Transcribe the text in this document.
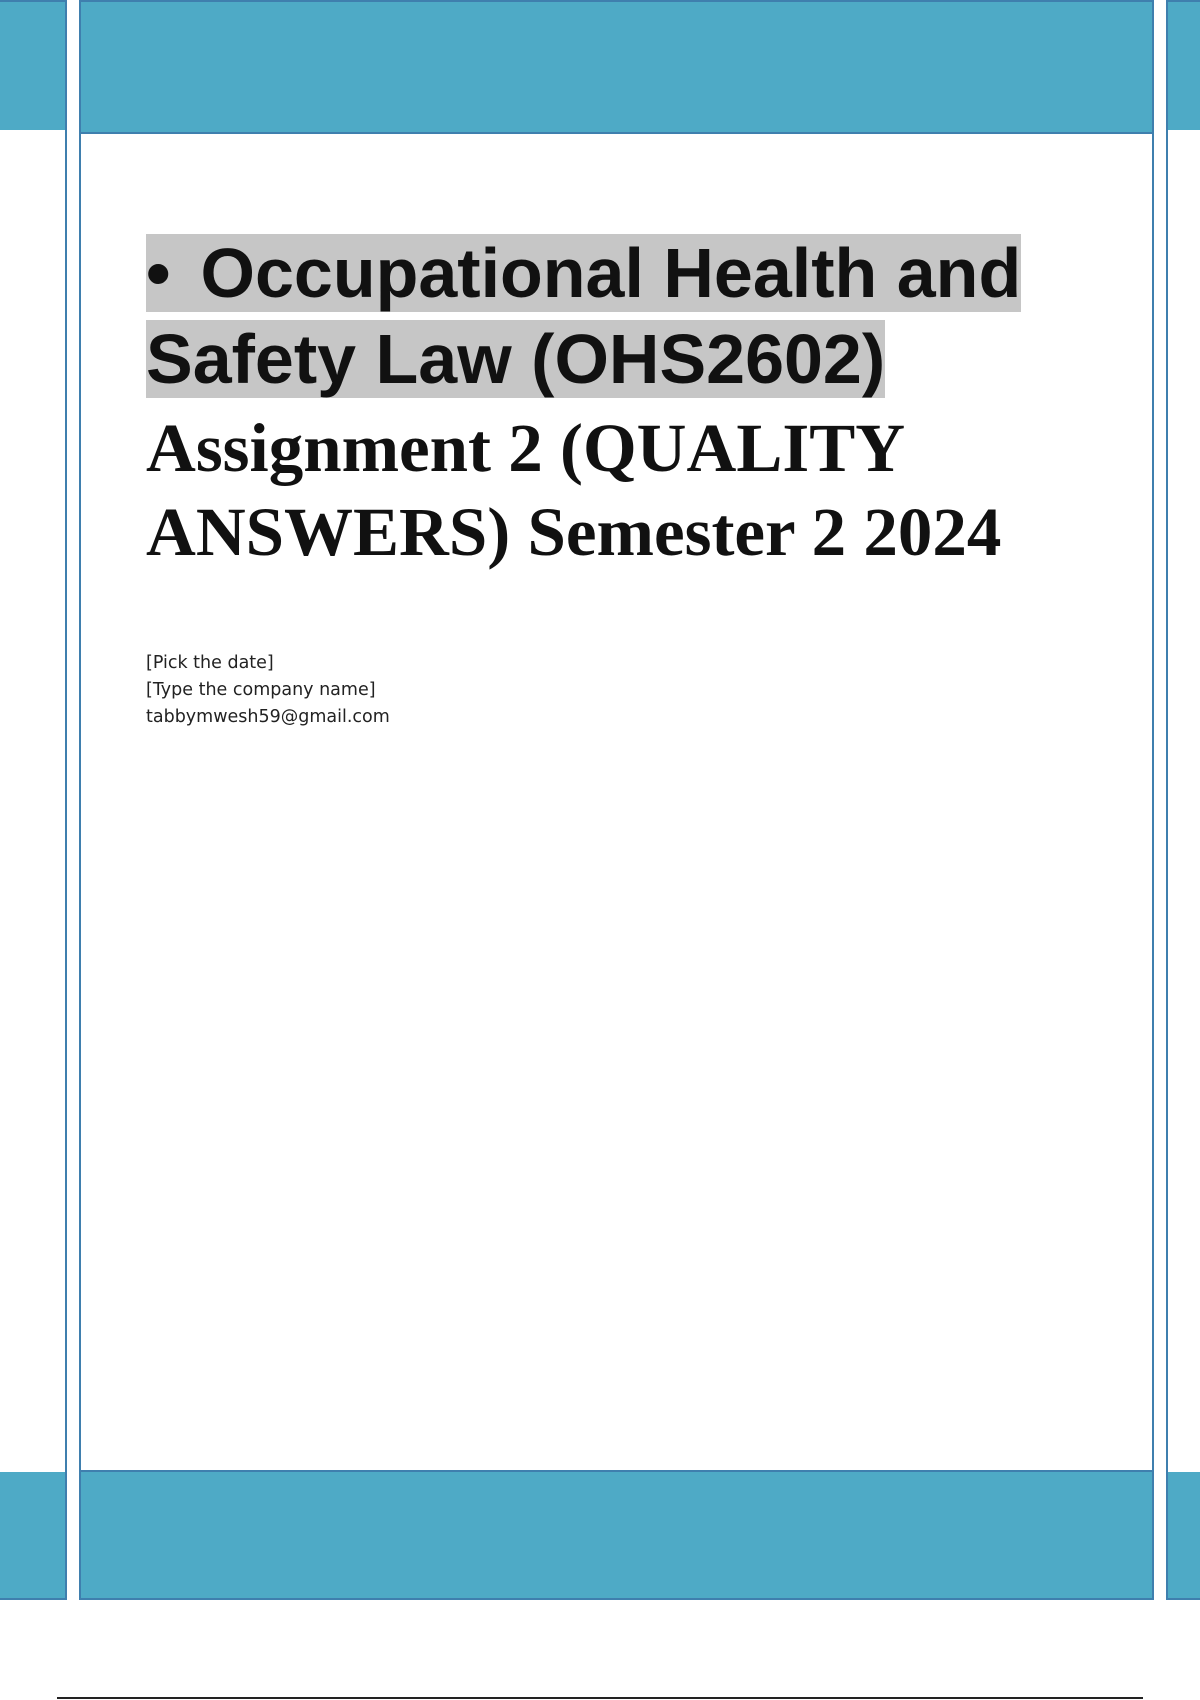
• Occupational Health and Safety Law (OHS2602)
Assignment 2 (QUALITY ANSWERS) Semester 2 2024
[Pick the date]
[Type the company name]
tabbymwesh59@gmail.com
